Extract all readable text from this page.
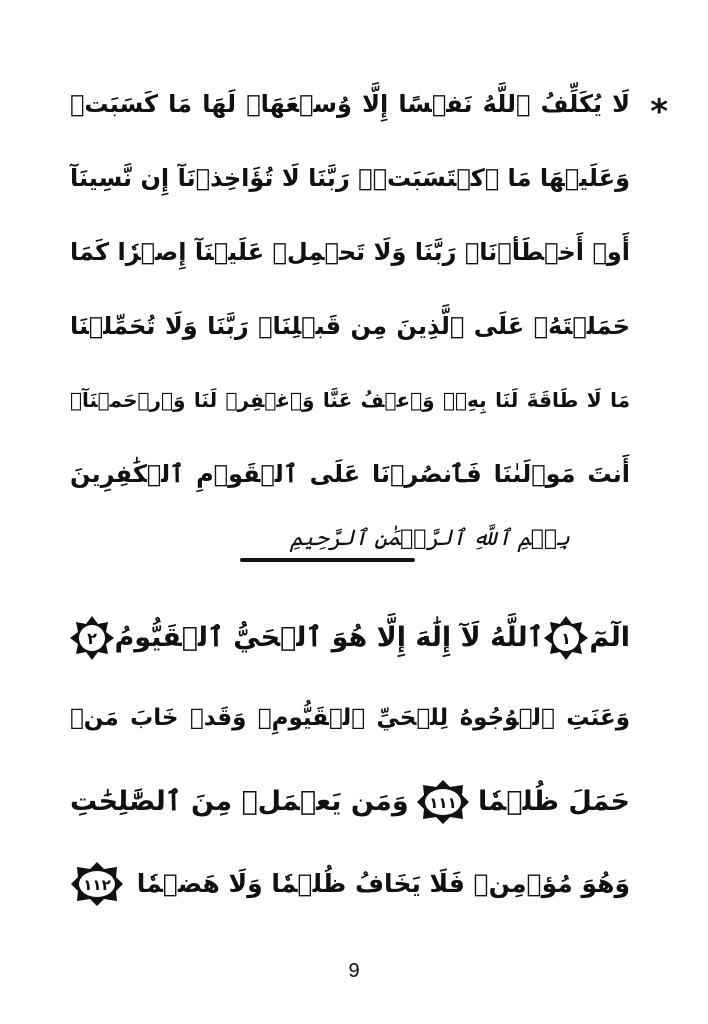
*
لَا يُكَلِّفُ ٱللَّهُ نَفۡسًا إِلَّا وُسۡعَهَاۚ لَهَا مَا كَسَبَتۡ
وَعَلَيۡهَا مَا ٱكۡتَسَبَتۡۗ رَبَّنَا لَا تُؤَاخِذۡنَآ إِن نَّسِينَآ
أَوۡ أَخۡطَأۡنَاۚ رَبَّنَا وَلَا تَحۡمِلۡ عَلَيۡنَآ إِصۡرٗا كَمَا
حَمَلۡتَهُۥ عَلَى ٱلَّذِينَ مِن قَبۡلِنَاۚ رَبَّنَا وَلَا تُحَمِّلۡنَا
مَا لَا طَاقَةَ لَنَا بِهِۦۖ وَٱعۡفُ عَنَّا وَٱغۡفِرۡ لَنَا وَٱرۡحَمۡنَآۚ
أَنتَ مَوۡلَىٰنَا فَٱنصُرۡنَا عَلَى ٱلۡقَوۡمِ ٱلۡكَٰفِرِينَ
بِسۡمِ ٱللَّهِ ٱلرَّحۡمَٰنِ ٱلرَّحِيمِ
الٓمٓ
١
ٱللَّهُ لَآ إِلَٰهَ إِلَّا هُوَ ٱلۡحَيُّ ٱلۡقَيُّومُ
٢
وَعَنَتِ ٱلۡوُجُوهُ لِلۡحَيِّ ٱلۡقَيُّومِۖ وَقَدۡ خَابَ مَنۡ
حَمَلَ ظُلۡمٗا
١١١
وَمَن يَعۡمَلۡ مِنَ ٱلصَّٰلِحَٰتِ
وَهُوَ مُؤۡمِنٞ فَلَا يَخَافُ ظُلۡمٗا وَلَا هَضۡمٗا
١١٢
9
